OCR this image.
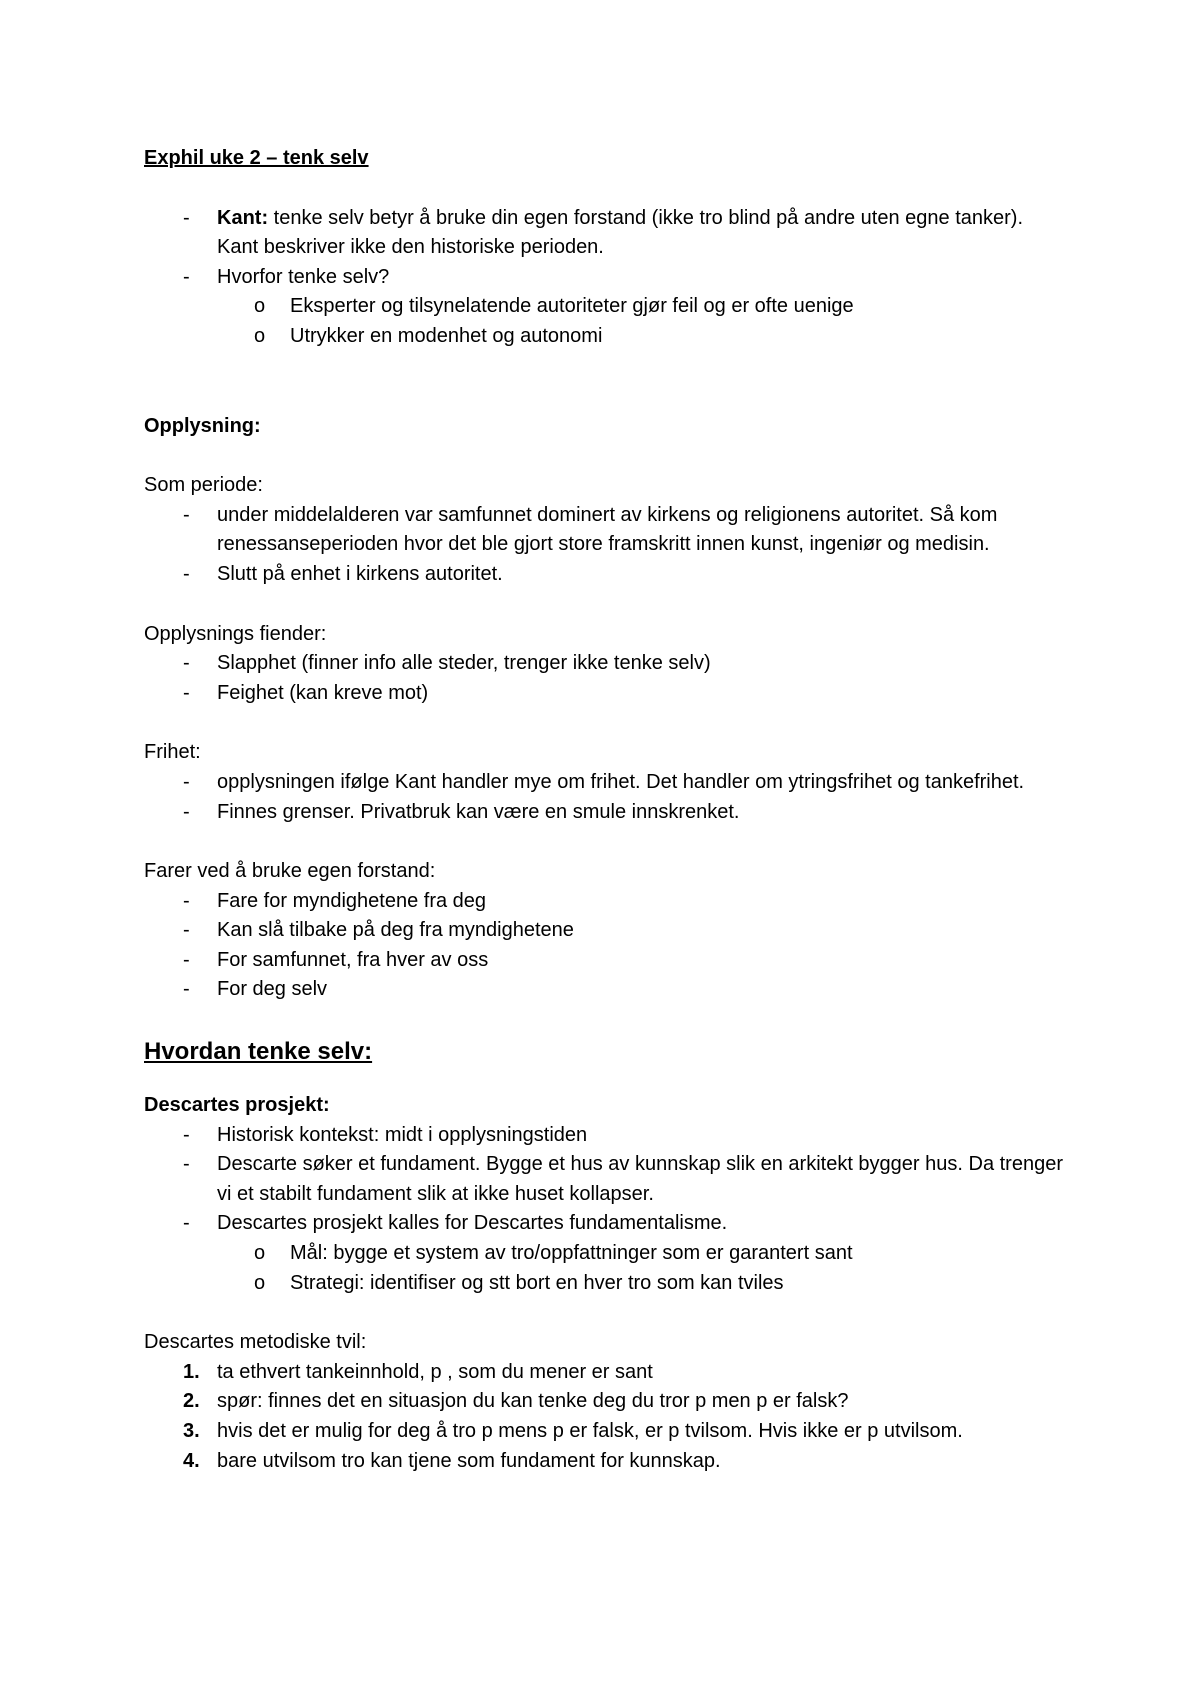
Exphil uke 2 – tenk selv

- Kant: tenke selv betyr å bruke din egen forstand (ikke tro blind på andre uten egne tanker). Kant beskriver ikke den historiske perioden.
- Hvorfor tenke selv?
o Eksperter og tilsynelatende autoriteter gjør feil og er ofte uenige
o Utrykker en modenhet og autonomi

Opplysning:

Som periode:

- under middelalderen var samfunnet dominert av kirkens og religionens autoritet. Så kom renessanseperioden hvor det ble gjort store framskritt innen kunst, ingeniør og medisin.
- Slutt på enhet i kirkens autoritet.

Opplysnings fiender:

- Slapphet (finner info alle steder, trenger ikke tenke selv)
- Feighet (kan kreve mot)

Frihet:

- opplysningen ifølge Kant handler mye om frihet. Det handler om ytringsfrihet og tankefrihet.
- Finnes grenser. Privatbruk kan være en smule innskrenket.

Farer ved å bruke egen forstand:

- Fare for myndighetene fra deg
- Kan slå tilbake på deg fra myndighetene
- For samfunnet, fra hver av oss
- For deg selv

Hvordan tenke selv:

Descartes prosjekt:

- Historisk kontekst: midt i opplysningstiden
- Descarte søker et fundament. Bygge et hus av kunnskap slik en arkitekt bygger hus. Da trenger vi et stabilt fundament slik at ikke huset kollapser.
- Descartes prosjekt kalles for Descartes fundamentalisme.
o Mål: bygge et system av tro/oppfattninger som er garantert sant
o Strategi: identifiser og stt bort en hver tro som kan tviles

Descartes metodiske tvil:

1. ta ethvert tankeinnhold, p , som du mener er sant
2. spør: finnes det en situasjon du kan tenke deg du tror p men p er falsk?
3. hvis det er mulig for deg å tro p mens p er falsk, er p tvilsom. Hvis ikke er p utvilsom.
4. bare utvilsom tro kan tjene som fundament for kunnskap.
